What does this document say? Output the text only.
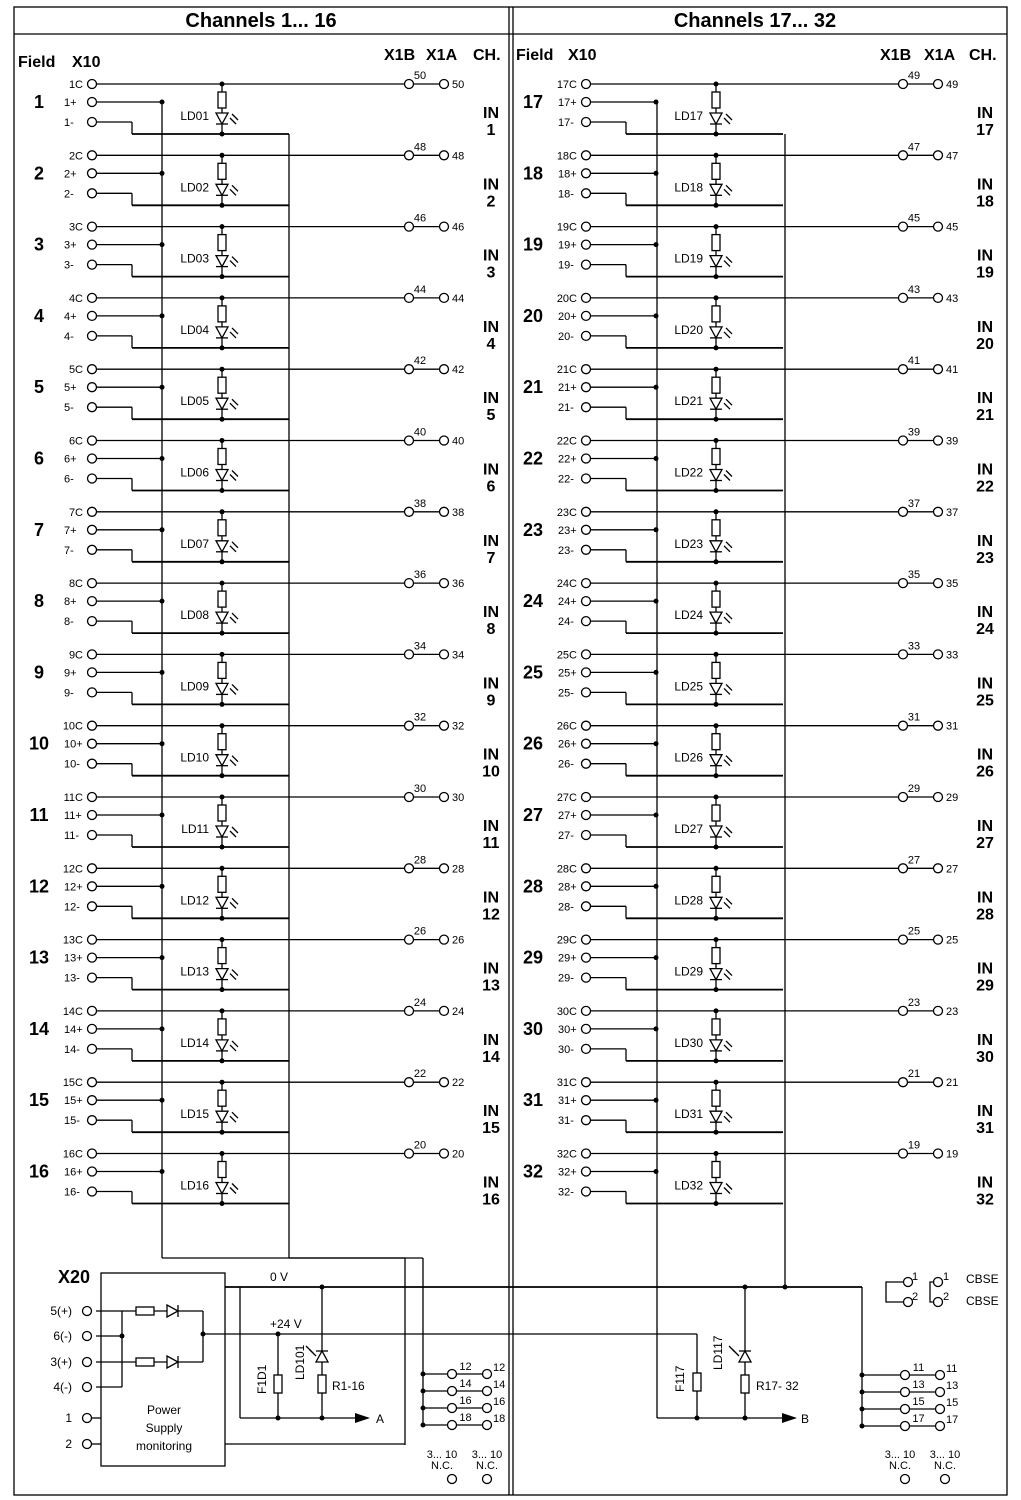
Channels 1... 16	Channels 17... 32
Field X10	X1B X1A CH. Field X10	X1B X1A CH.
1
1C
1+
1-
50
50
LD01	IN
1
2
2C
2+
2-
48
48
LD02	IN
2
3
3C
3+
3-
46
46
LD03	IN
3
4
4C
4+
4-
44
44
LD04	IN
4
5
5C
5+
5-
42
42
LD05	IN
5
6
6C
6+
6-
40
40
LD06	IN
6
7
7C
7+
7-
38
38
LD07	IN
7
8
8C
8+
8-
36
36
LD08	IN
8
9
9C
9+
9-
34
34
LD09	IN
9
10
10C
10+
10-
32
32
LD10	IN
10
11
11C
11+
11-
30
30
LD11	IN
11
12
12C
12+
12-
28
28
LD12	IN
12
13
13C
13+
13-
26
26
LD13	IN
13
14
14C
14+
14-
24
24
LD14	IN
14
15
15C
15+
15-
22
22
LD15	IN
15
16
16C
16+
16-
20
20
LD16	IN
16
17
17C
17+
17-
49
49
LD17	IN
17
18
18C
18+
18-
47
47
LD18	IN
18
19
19C
19+
19-
45
45
LD19	IN
19
20
20C
20+
20-
43
43
LD20	IN
20
21
21C
21+
21-
41
41
LD21	IN
21
22
22C
22+
22-
39
39
LD22	IN
22
23
23C
23+
23-
37
37
LD23	IN
23
24
24C
24+
24-
35
35
LD24	IN
24
25
25C
25+
25-
33
33
LD25	IN
25
26
26C
26+
26-
31
31
LD26	IN
26
27
27C
27+
27-
29
29
LD27	IN
27
28
28C
28+
28-
27
27
LD28	IN
28
29
29C
29+
29-
25
25
LD29	IN
29
30
30C
30+
30-
23
23
LD30	IN
30
31
31C
31+
31-
21
21
LD31	IN
31
32
32C
32+
32-
19
19
LD32	IN
32
X20	0 V
+24 V
5(+)
6(-)
3(+)
4(-)
1
2
Power
Supply
monitoring
F1D1 LD101
R1-16
A
F117
LD117
R17- 32
B
12 12
14 14
16 16
18 18
11 11
13 13
15 15
17 17
3... 10
N.C.
3... 10
N.C.
3... 10
N.C.
3... 10
N.C.
1
2
1
2
CBSE
CBSE
